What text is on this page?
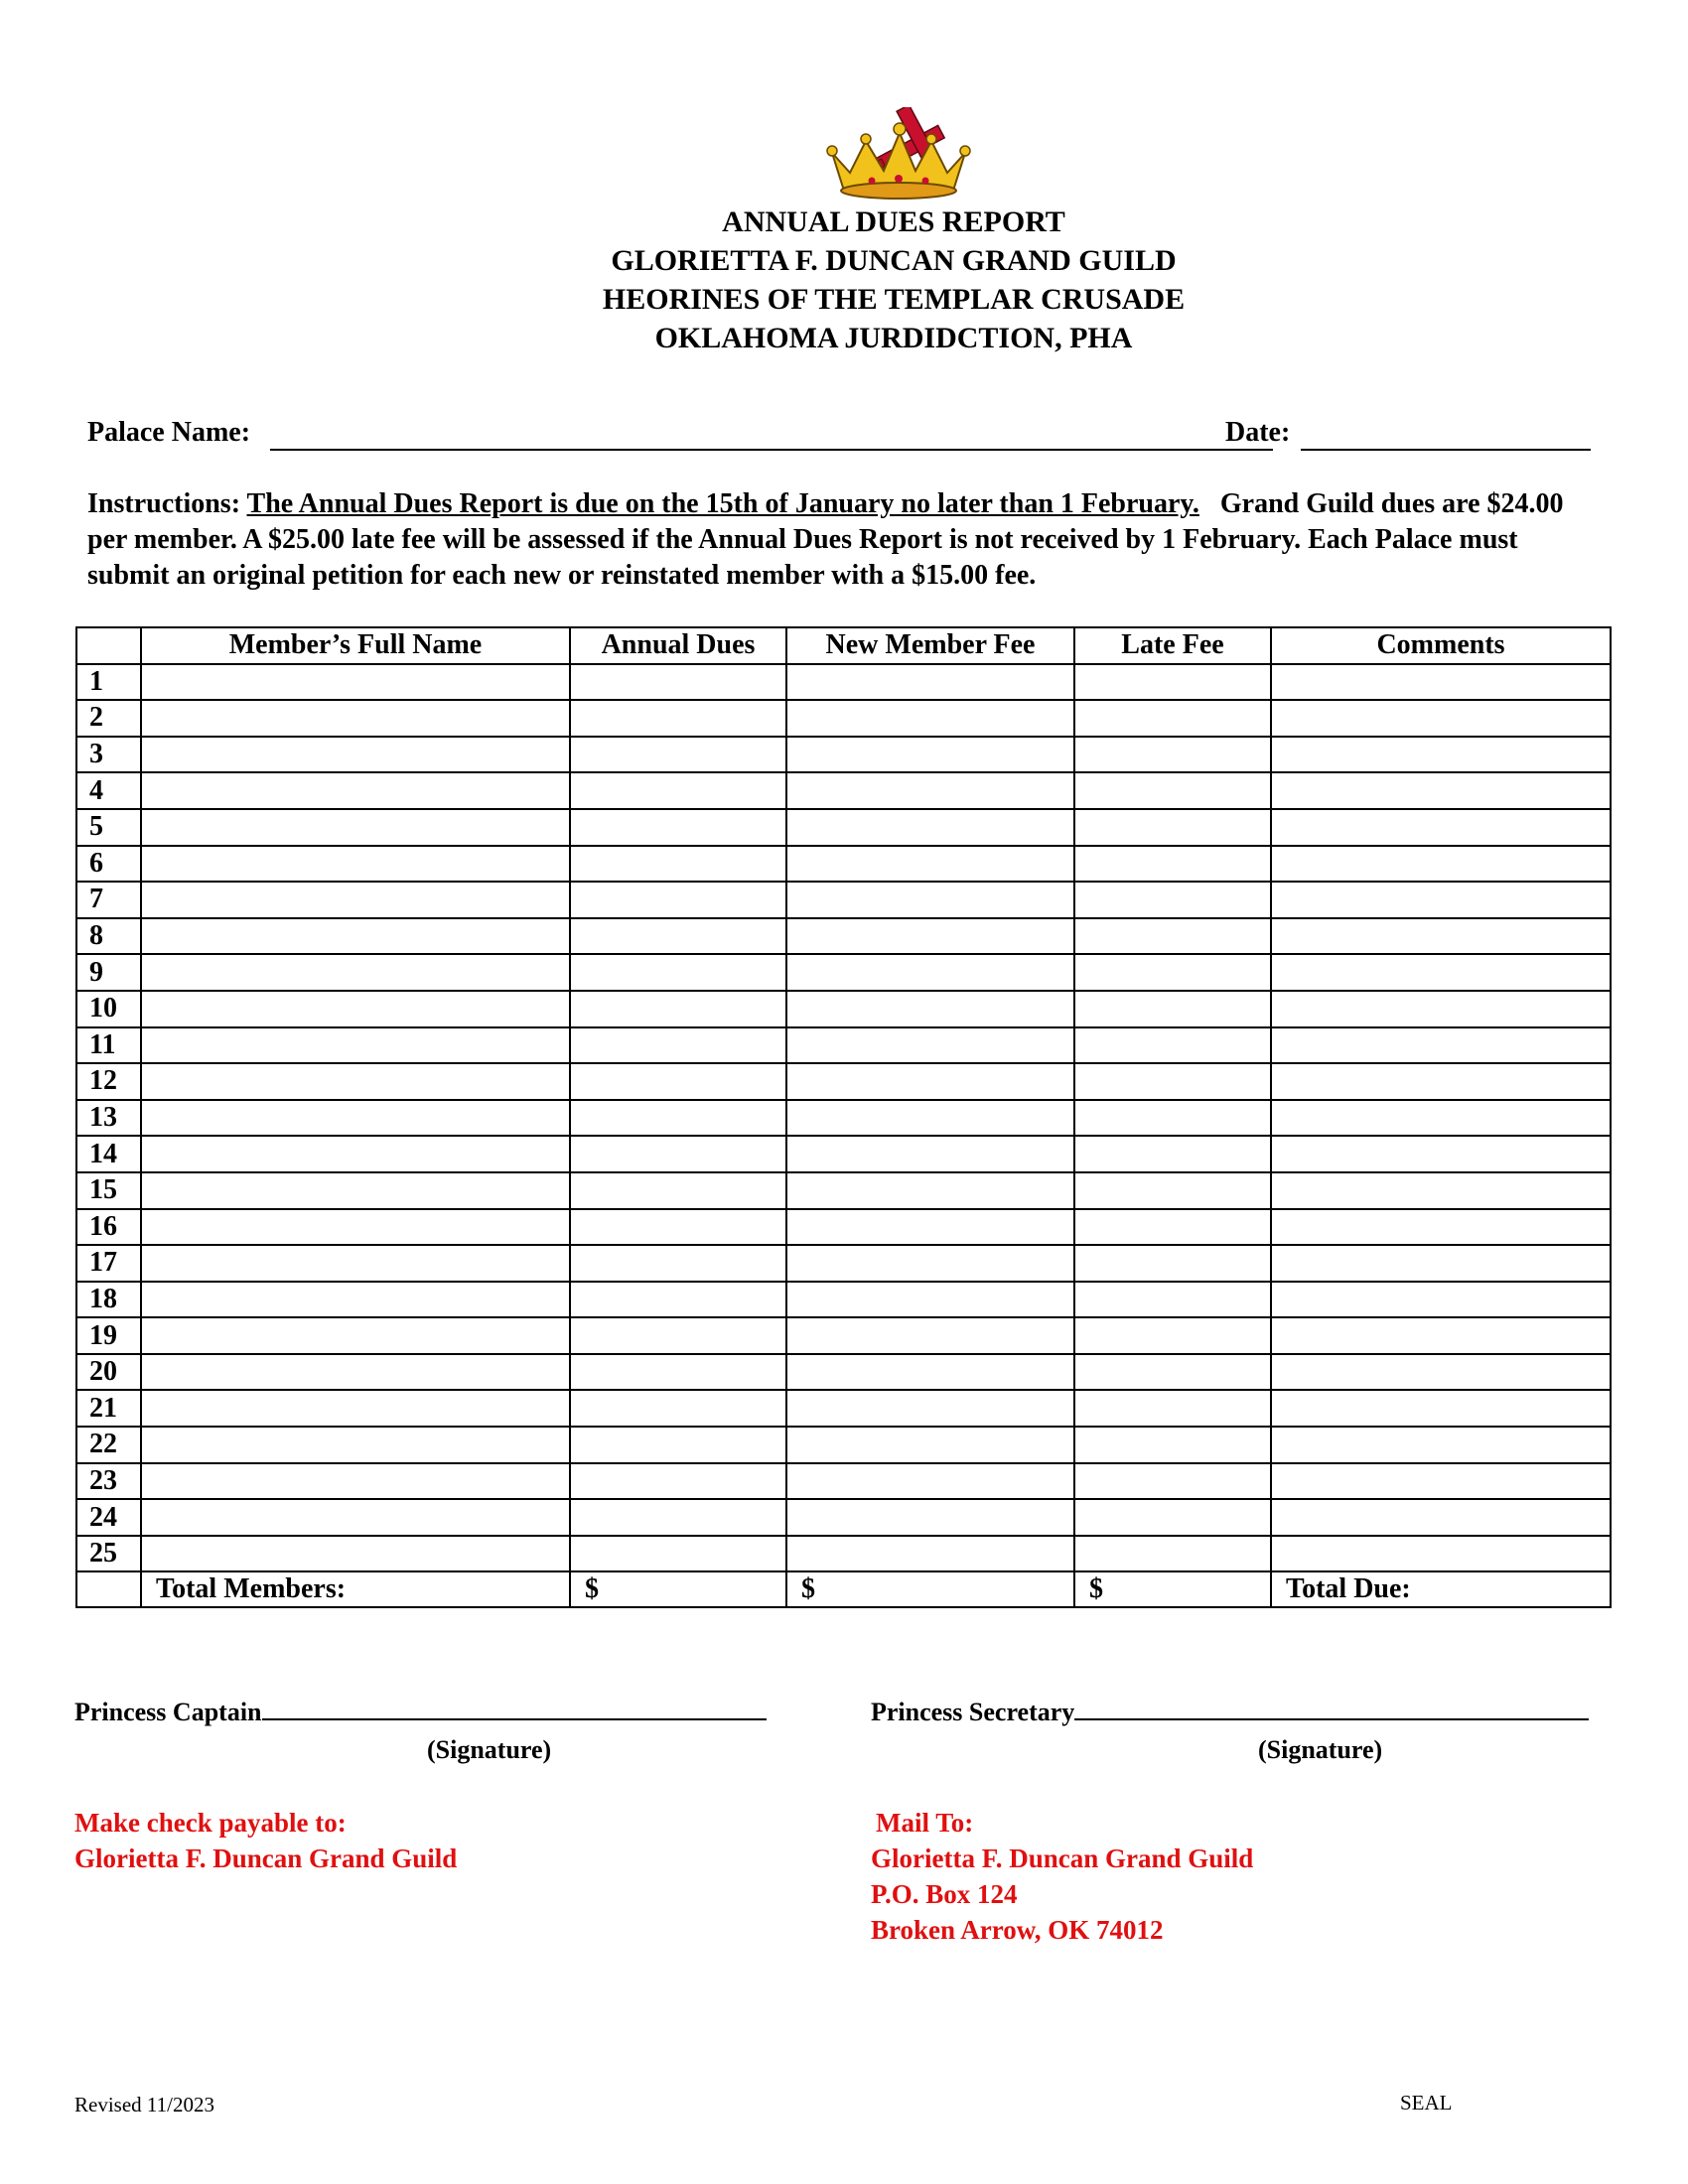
ANNUAL DUES REPORT
GLORIETTA F. DUNCAN GRAND GUILD
HEORINES OF THE TEMPLAR CRUSADE
OKLAHOMA JURDIDCTION, PHA
Palace Name:	Date:
Instructions: The Annual Dues Report is due on the 15th of January no later than 1 February. Grand Guild dues are $24.00 per member. A $25.00 late fee will be assessed if the Annual Dues Report is not received by 1 February. Each Palace must submit an original petition for each new or reinstated member with a $15.00 fee.
	Member’s Full Name	Annual Dues	New Member Fee	Late Fee	Comments
1					
2					
3					
4					
5					
6					
7					
8					
9					
10					
11					
12					
13					
14					
15					
16					
17					
18					
19					
20					
21					
22					
23					
24					
25					
	Total Members:	$	$	$	Total Due:
Princess Captain
(Signature)
Princess Secretary
(Signature)
Make check payable to:
Glorietta F. Duncan Grand Guild
Mail To:
Glorietta F. Duncan Grand Guild
P.O. Box 124
Broken Arrow, OK 74012
Revised 11/2023	SEAL
